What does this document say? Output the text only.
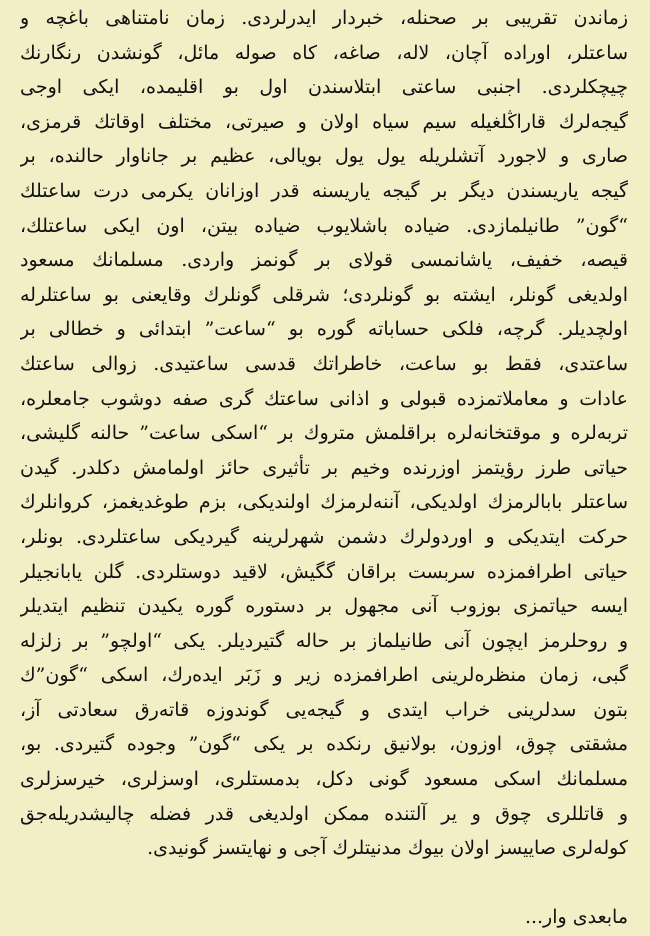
زماندن تقریبی بر صحنله، خبردار ایدرلردی. زمان نامتناهی باغچه و
ساعتلر، اوراده آچان، لاله، صاغه، کاه صوله مائل، گونشدن رنگارنك
چیچکلردی. اجنبی ساعتی ابتلاسندن اول بو اقلیمده، ایکی اوجی
گیجه‌لرك قاراڭلغیله سیم سیاه اولان و صیرتی، مختلف اوقاتك قرمزی،
صاری و لاجورد آتشلریله یول یول بویالی، عظیم بر جاناوار حالنده، بر
گیجه یاریسندن دیگر بر گیجه یاریسنه قدر اوزانان یکرمی درت ساعتلك
“گون” طانیلمازدی. ضیاده باشلایوب ضیاده بیتن، اون ایکی ساعتلك،
قیصه، خفیف، یاشانمسی قولای بر گونمز واردی. مسلمانك مسعود
اولدیغی گونلر، ایشته بو گونلردی؛ شرقلی گونلرك وقایعنی بو ساعتلرله
اولچدیلر. گرچه، فلکی حساباته گوره بو “ساعت” ابتدائی و خطالی بر
ساعتدی، فقط بو ساعت، خاطراتك قدسی ساعتیدی. زوالی ساعتك
عادات و معاملاتمزده قبولی و اذانی ساعتك گری صفه دوشوب جامعلره،
تربه‌لره و موقتخانه‌لره براقلمش متروك بر “اسکی ساعت” حالنه گلیشی،
حیاتی طرز رؤیتمز اوزرنده وخیم بر تأثیری حائز اولمامش دکلدر. گیدن
ساعتلر بابالرمزك اولدیکی، آننه‌لرمزك اولندیکی، بزم طوغدیغمز، کروانلرك
حرکت ایتدیکی و اوردولرك دشمن شهرلرینه گیردیکی ساعتلردی. بونلر،
حیاتی اطرافمزده سربست براقان گگیش، لاقید دوستلردی. گلن یابانجیلر
ایسه حیاتمزی بوزوب آنی مجهول بر دستوره گوره یکیدن تنظیم ایتدیلر
و روحلرمز ایچون آنی طانیلماز بر حاله گتیردیلر. یکی “اولچو” بر زلزله
گبی، زمان منظره‌لرینی اطرافمزده زیر و زَبَر ایده‌رك، اسکی “گون”ك
بتون سدلرینی خراب ایتدی و گیجه‌یی گوندوزه قاته‌رق سعادتی آز،
مشقتی چوق، اوزون، بولانیق رنکده بر یکی “گون” وجوده گتیردی. بو،
مسلمانك اسکی مسعود گونی دکل، بدمستلری، اوسزلری، خیرسزلری
و قاتللری چوق و یر آلتنده ممکن اولدیغی قدر فضله چالیشدریله‌جق
کوله‌لری صاییسز اولان بیوك مدنیتلرك آجی و نهایتسز گونیدی.
مابعدی وار...
